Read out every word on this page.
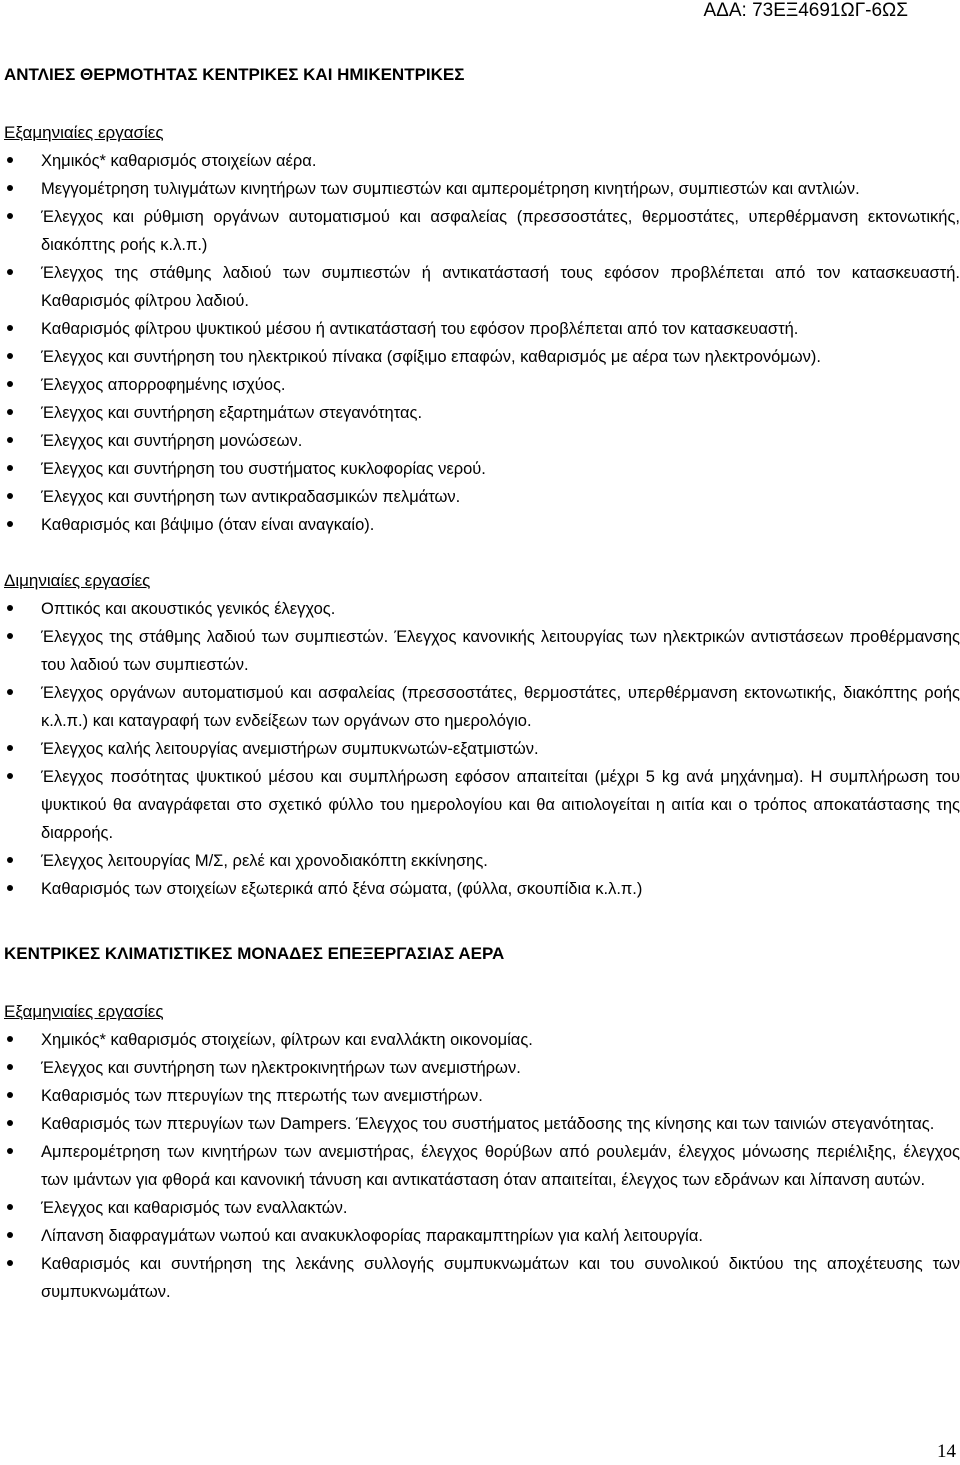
ΑΔΑ: 73ΕΞ4691ΩΓ-6ΩΣ
ΑΝΤΛΙΕΣ ΘΕΡΜΟΤΗΤΑΣ ΚΕΝΤΡΙΚΕΣ ΚΑΙ ΗΜΙΚΕΝΤΡΙΚΕΣ
Εξαμηνιαίες εργασίες
Χημικός* καθαρισμός στοιχείων αέρα.
Μεγγομέτρηση τυλιγμάτων κινητήρων των συμπιεστών και αμπερομέτρηση κινητήρων, συμπιεστών και αντλιών.
Έλεγχος και ρύθμιση οργάνων αυτοματισμού και ασφαλείας (πρεσσοστάτες, θερμοστάτες, υπερθέρμανση εκτονωτικής, διακόπτης ροής κ.λ.π.)
Έλεγχος της στάθμης λαδιού των συμπιεστών ή αντικατάστασή τους εφόσον προβλέπεται από τον κατασκευαστή. Καθαρισμός φίλτρου λαδιού.
Καθαρισμός φίλτρου ψυκτικού μέσου ή αντικατάστασή του εφόσον προβλέπεται από τον κατασκευαστή.
Έλεγχος και συντήρηση του ηλεκτρικού πίνακα (σφίξιμο επαφών, καθαρισμός με αέρα των ηλεκτρονόμων).
Έλεγχος απορροφημένης ισχύος.
Έλεγχος και συντήρηση εξαρτημάτων στεγανότητας.
Έλεγχος και συντήρηση μονώσεων.
Έλεγχος και συντήρηση του συστήματος κυκλοφορίας νερού.
Έλεγχος και συντήρηση των αντικραδασμικών πελμάτων.
Καθαρισμός και βάψιμο (όταν είναι αναγκαίο).
Διμηνιαίες εργασίες
Οπτικός και ακουστικός γενικός έλεγχος.
Έλεγχος της στάθμης λαδιού των συμπιεστών. Έλεγχος κανονικής λειτουργίας των ηλεκτρικών αντιστάσεων προθέρμανσης του λαδιού των συμπιεστών.
Έλεγχος οργάνων αυτοματισμού και ασφαλείας (πρεσσοστάτες, θερμοστάτες, υπερθέρμανση εκτονωτικής, διακόπτης ροής κ.λ.π.) και καταγραφή των ενδείξεων των οργάνων στο ημερολόγιο.
Έλεγχος καλής λειτουργίας ανεμιστήρων συμπυκνωτών-εξατμιστών.
Έλεγχος ποσότητας ψυκτικού μέσου και συμπλήρωση εφόσον απαιτείται (μέχρι 5 kg ανά μηχάνημα). Η συμπλήρωση του ψυκτικού θα αναγράφεται στο σχετικό φύλλο του ημερολογίου και θα αιτιολογείται η αιτία και ο τρόπος αποκατάστασης της διαρροής.
Έλεγχος λειτουργίας Μ/Σ, ρελέ και χρονοδιακόπτη εκκίνησης.
Καθαρισμός των στοιχείων εξωτερικά από ξένα σώματα, (φύλλα, σκουπίδια κ.λ.π.)
ΚΕΝΤΡΙΚΕΣ ΚΛΙΜΑΤΙΣΤΙΚΕΣ ΜΟΝΑΔΕΣ ΕΠΕΞΕΡΓΑΣΙΑΣ ΑΕΡΑ
Εξαμηνιαίες εργασίες
Χημικός* καθαρισμός στοιχείων, φίλτρων και εναλλάκτη οικονομίας.
Έλεγχος και συντήρηση των ηλεκτροκινητήρων των ανεμιστήρων.
Καθαρισμός των πτερυγίων της πτερωτής των ανεμιστήρων.
Καθαρισμός των πτερυγίων των Dampers. Έλεγχος του συστήματος μετάδοσης της κίνησης και των ταινιών στεγανότητας.
Αμπερομέτρηση των κινητήρων των ανεμιστήρας, έλεγχος θορύβων από ρουλεμάν, έλεγχος μόνωσης περιέλιξης, έλεγχος των ιμάντων για φθορά και κανονική τάνυση και αντικατάσταση όταν απαιτείται, έλεγχος των εδράνων και λίπανση αυτών.
Έλεγχος και καθαρισμός των εναλλακτών.
Λίπανση διαφραγμάτων νωπού και ανακυκλοφορίας παρακαμπτηρίων για καλή λειτουργία.
Καθαρισμός και συντήρηση της λεκάνης συλλογής συμπυκνωμάτων και του συνολικού δικτύου της αποχέτευσης των συμπυκνωμάτων.
14
